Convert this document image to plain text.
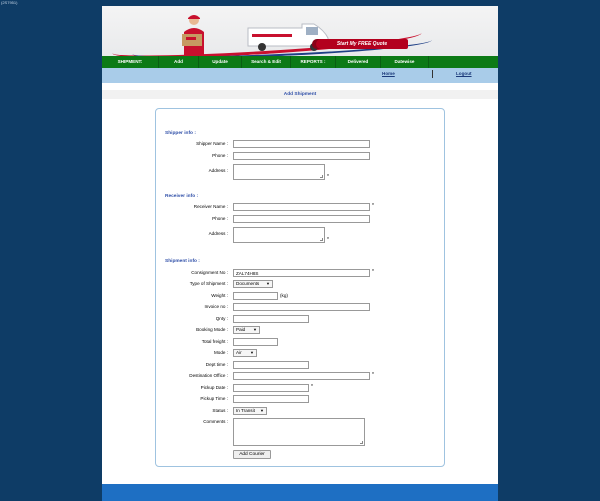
(2S7951)
Start My FREE Quote
SHIPMENT:	Add	Update	Search & Edit	REPORTS :	Delivered	Datewise
Home	Logout
Add Shipment
Shipper info :
Shipper Name :
Phone :
Address :
*
Receiver info :
Receiver Name :	*
Phone :
Address :
*
Shipment info :
Consignment No :
ZAL74H8S	*
Type of Shipment :	Documents ▼
Weight :	(kg)
Invoice no :
Qnty :
Booking Mode :	Paid ▼
Total freight :
Mode :	Air ▼
Dept time :
Destination Office :	*
Pickup Date :	*
Pickup Time :
Status :	In Transit ▼
Comments :
Add Courier
